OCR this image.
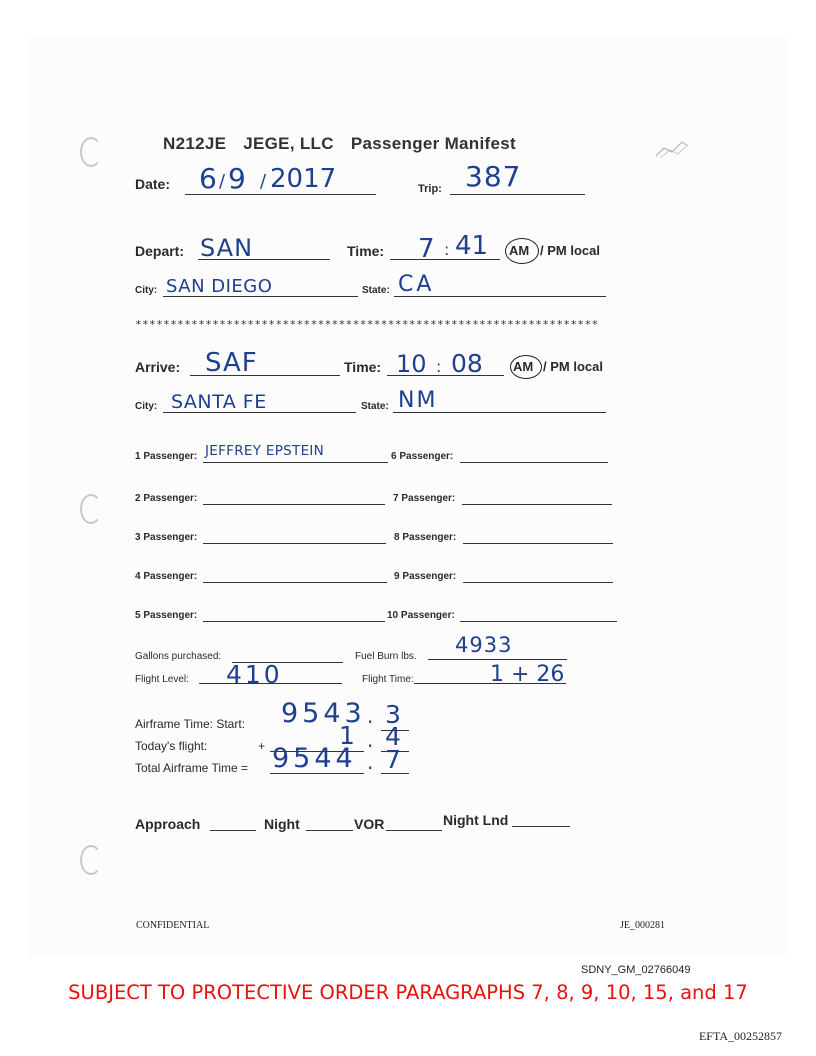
N212JE JEGE, LLC Passenger Manifest
Date: 6 / 9 / 2017	Trip: 387
Depart: SAN	Time: 7 : 41 AM / PM local
City: SAN DIEGO	State: CA
******************************************************************
Arrive: SAF	Time: 10 : 08 AM / PM local
City: SANTA FE	State: NM
1 Passenger: JEFFREY EPSTEIN	6 Passenger:
2 Passenger:	7 Passenger:
3 Passenger:	8 Passenger:
4 Passenger:	9 Passenger:
5 Passenger:	10 Passenger:
Gallons purchased:	Fuel Burn lbs. 4933
Flight Level: 410	Flight Time:	1 + 26
Airframe Time: Start: 9543 . 3
Today's flight:	+	1 . 4
Total Airframe Time = 9544 . 7
Approach	Night	VOR	Night Lnd
CONFIDENTIAL	JE_000281
SDNY_GM_02766049
SUBJECT TO PROTECTIVE ORDER PARAGRAPHS 7, 8, 9, 10, 15, and 17
EFTA_00252857
